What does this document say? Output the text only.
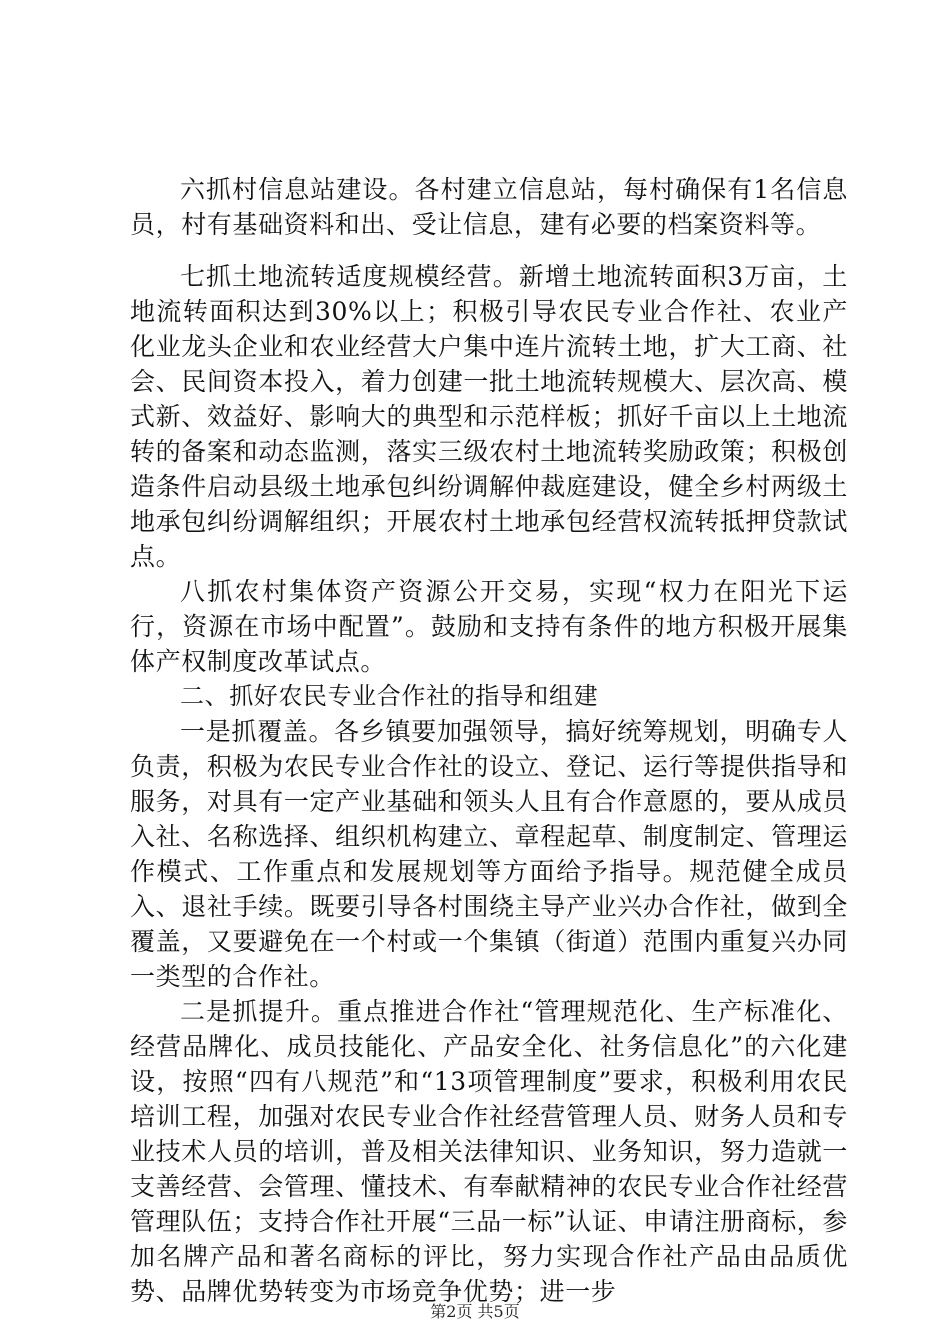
六抓村信息站建设。各村建立信息站，每村确保有1名信息员，村有基础资料和出、受让信息，建有必要的档案资料等。

七抓土地流转适度规模经营。新增土地流转面积3万亩，土地流转面积达到30%以上；积极引导农民专业合作社、农业产化业龙头企业和农业经营大户集中连片流转土地，扩大工商、社会、民间资本投入，着力创建一批土地流转规模大、层次高、模式新、效益好、影响大的典型和示范样板；抓好千亩以上土地流转的备案和动态监测，落实三级农村土地流转奖励政策；积极创造条件启动县级土地承包纠纷调解仲裁庭建设，健全乡村两级土地承包纠纷调解组织；开展农村土地承包经营权流转抵押贷款试点。

八抓农村集体资产资源公开交易，实现“权力在阳光下运行，资源在市场中配置”。鼓励和支持有条件的地方积极开展集体产权制度改革试点。

二、抓好农民专业合作社的指导和组建

一是抓覆盖。各乡镇要加强领导，搞好统筹规划，明确专人负责，积极为农民专业合作社的设立、登记、运行等提供指导和服务，对具有一定产业基础和领头人且有合作意愿的，要从成员入社、名称选择、组织机构建立、章程起草、制度制定、管理运作模式、工作重点和发展规划等方面给予指导。规范健全成员入、退社手续。既要引导各村围绕主导产业兴办合作社，做到全覆盖，又要避免在一个村或一个集镇（街道）范围内重复兴办同一类型的合作社。

二是抓提升。重点推进合作社“管理规范化、生产标准化、经营品牌化、成员技能化、产品安全化、社务信息化”的六化建设，按照“四有八规范”和“13项管理制度”要求，积极利用农民培训工程，加强对农民专业合作社经营管理人员、财务人员和专业技术人员的培训，普及相关法律知识、业务知识，努力造就一支善经营、会管理、懂技术、有奉献精神的农民专业合作社经营管理队伍；支持合作社开展“三品一标”认证、申请注册商标，参加名牌产品和著名商标的评比，努力实现合作社产品由品质优势、品牌优势转变为市场竞争优势；进一步

第2页 共5页
